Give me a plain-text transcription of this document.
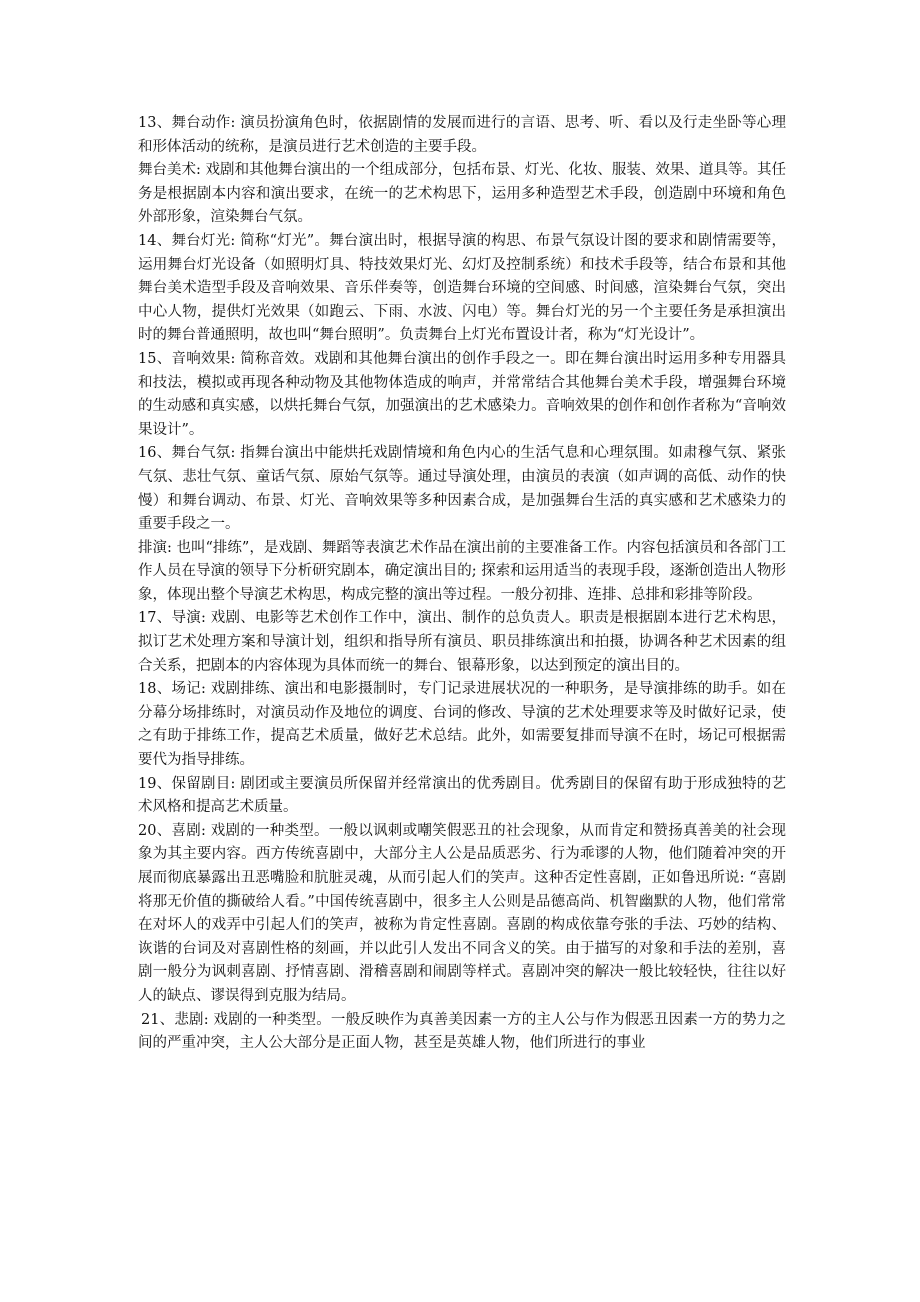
13、舞台动作: 演员扮演角色时，依据剧情的发展而进行的言语、思考、听、看以及行走坐卧等心理和形体活动的统称，是演员进行艺术创造的主要手段。

舞台美术: 戏剧和其他舞台演出的一个组成部分，包括布景、灯光、化妆、服装、效果、道具等。其任务是根据剧本内容和演出要求，在统一的艺术构思下，运用多种造型艺术手段，创造剧中环境和角色外部形象，渲染舞台气氛。

14、舞台灯光: 简称“灯光”。舞台演出时，根据导演的构思、布景气氛设计图的要求和剧情需要等，运用舞台灯光设备（如照明灯具、特技效果灯光、幻灯及控制系统）和技术手段等，结合布景和其他舞台美术造型手段及音响效果、音乐伴奏等，创造舞台环境的空间感、时间感，渲染舞台气氛，突出中心人物，提供灯光效果（如跑云、下雨、水波、闪电）等。舞台灯光的另一个主要任务是承担演出时的舞台普通照明，故也叫“舞台照明”。负责舞台上灯光布置设计者，称为“灯光设计”。

15、音响效果: 简称音效。戏剧和其他舞台演出的创作手段之一。即在舞台演出时运用多种专用器具和技法，模拟或再现各种动物及其他物体造成的响声，并常常结合其他舞台美术手段，增强舞台环境的生动感和真实感，以烘托舞台气氛，加强演出的艺术感染力。音响效果的创作和创作者称为“音响效果设计”。

16、舞台气氛: 指舞台演出中能烘托戏剧情境和角色内心的生活气息和心理氛围。如肃穆气氛、紧张气氛、悲壮气氛、童话气氛、原始气氛等。通过导演处理，由演员的表演（如声调的高低、动作的快慢）和舞台调动、布景、灯光、音响效果等多种因素合成，是加强舞台生活的真实感和艺术感染力的重要手段之一。

排演: 也叫“排练”，是戏剧、舞蹈等表演艺术作品在演出前的主要准备工作。内容包括演员和各部门工作人员在导演的领导下分析研究剧本，确定演出目的; 探索和运用适当的表现手段，逐渐创造出人物形象，体现出整个导演艺术构思，构成完整的演出等过程。一般分初排、连排、总排和彩排等阶段。

17、导演: 戏剧、电影等艺术创作工作中，演出、制作的总负责人。职责是根据剧本进行艺术构思，拟订艺术处理方案和导演计划，组织和指导所有演员、职员排练演出和拍摄，协调各种艺术因素的组合关系，把剧本的内容体现为具体而统一的舞台、银幕形象，以达到预定的演出目的。

18、场记: 戏剧排练、演出和电影摄制时，专门记录进展状况的一种职务，是导演排练的助手。如在分幕分场排练时，对演员动作及地位的调度、台词的修改、导演的艺术处理要求等及时做好记录，使之有助于排练工作，提高艺术质量，做好艺术总结。此外，如需要复排而导演不在时，场记可根据需要代为指导排练。

19、保留剧目: 剧团或主要演员所保留并经常演出的优秀剧目。优秀剧目的保留有助于形成独特的艺术风格和提高艺术质量。

20、喜剧: 戏剧的一种类型。一般以讽刺或嘲笑假恶丑的社会现象，从而肯定和赞扬真善美的社会现象为其主要内容。西方传统喜剧中，大部分主人公是品质恶劣、行为乖谬的人物，他们随着冲突的开展而彻底暴露出丑恶嘴脸和肮脏灵魂，从而引起人们的笑声。这种否定性喜剧，正如鲁迅所说: “喜剧将那无价值的撕破给人看。”中国传统喜剧中，很多主人公则是品德高尚、机智幽默的人物，他们常常在对坏人的戏弄中引起人们的笑声，被称为肯定性喜剧。喜剧的构成依靠夸张的手法、巧妙的结构、诙谐的台词及对喜剧性格的刻画，并以此引人发出不同含义的笑。由于描写的对象和手法的差别，喜剧一般分为讽刺喜剧、抒情喜剧、滑稽喜剧和闹剧等样式。喜剧冲突的解决一般比较轻快，往往以好人的缺点、谬误得到克服为结局。

21、悲剧: 戏剧的一种类型。一般反映作为真善美因素一方的主人公与作为假恶丑因素一方的势力之间的严重冲突，主人公大部分是正面人物，甚至是英雄人物，他们所进行的事业
